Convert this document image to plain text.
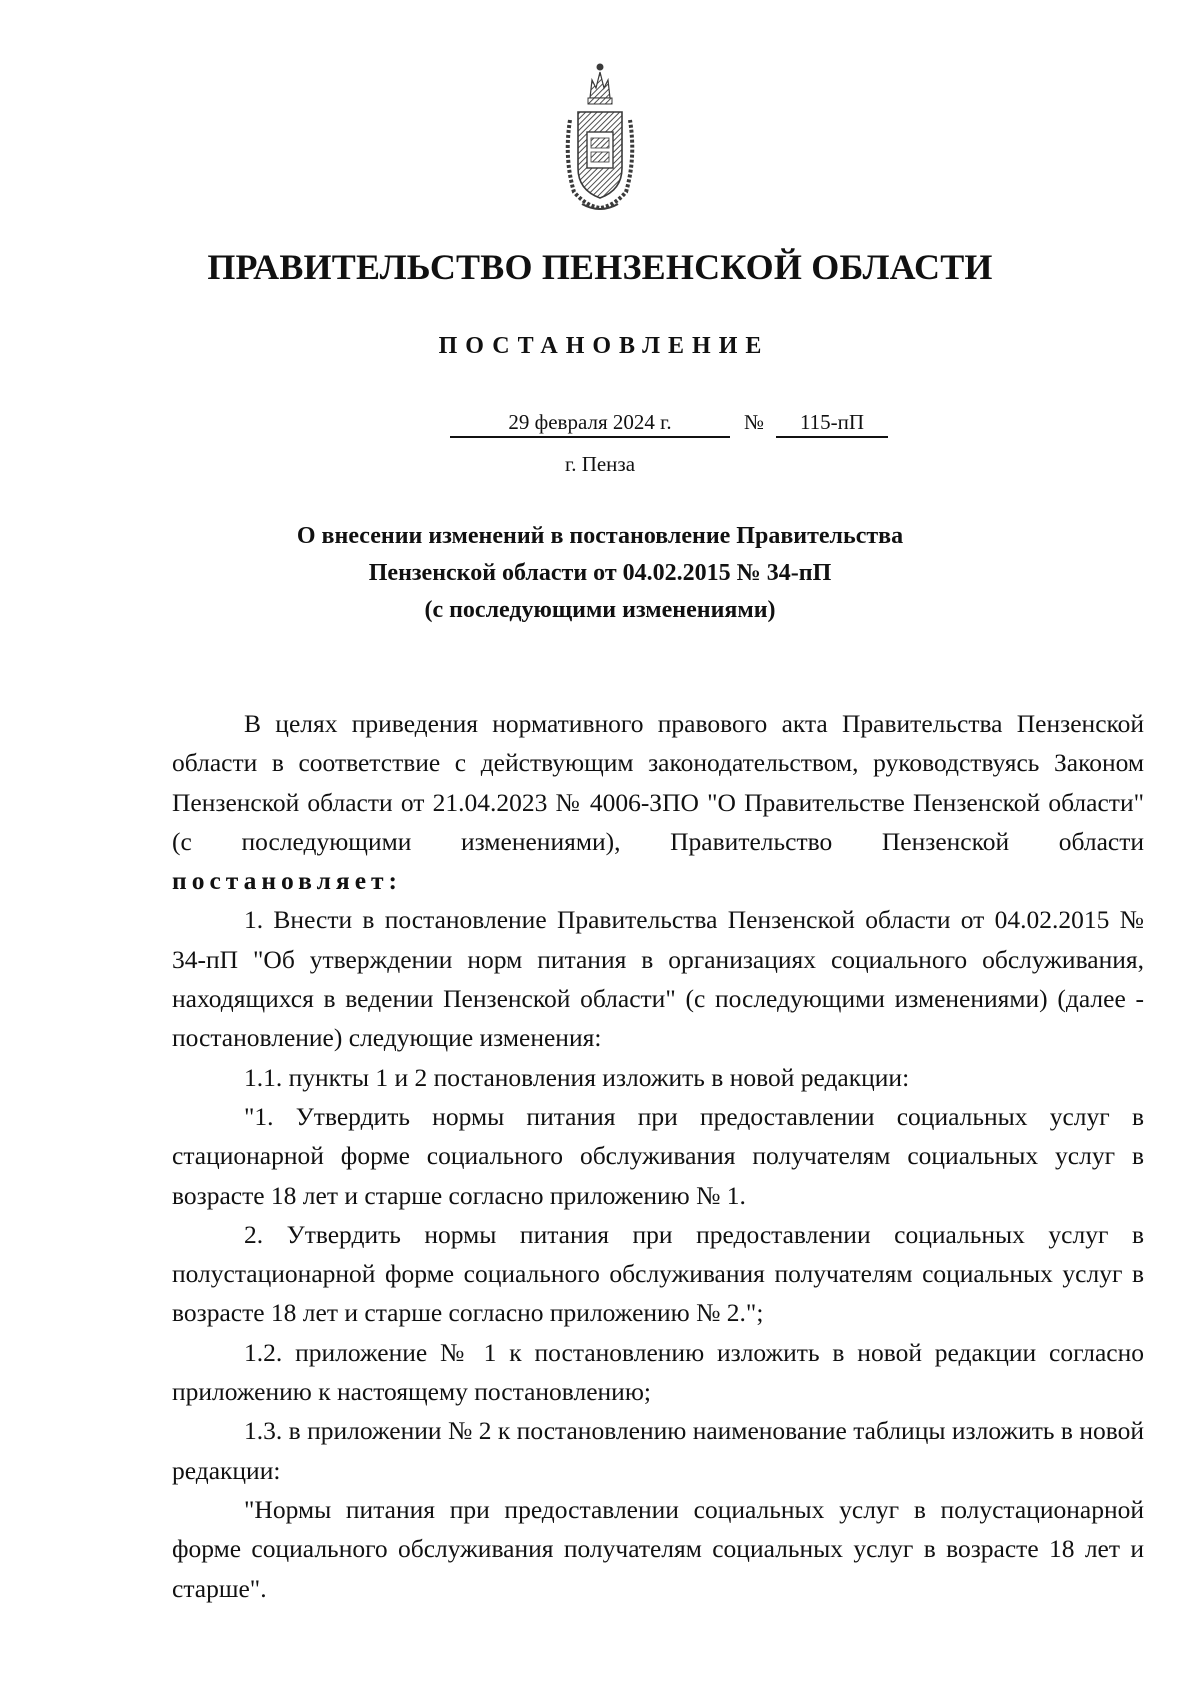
ПРАВИТЕЛЬСТВО ПЕНЗЕНСКОЙ ОБЛАСТИ
ПОСТАНОВЛЕНИЕ
29 февраля 2024 г.	№	115-пП
г. Пенза
О внесении изменений в постановление Правительства
Пензенской области от 04.02.2015 № 34-пП
(с последующими изменениями)

В целях приведения нормативного правового акта Правительства Пензенской области в соответствие с действующим законодательством, руководствуясь Законом Пензенской области от 21.04.2023 № 4006-ЗПО "О Правительстве Пензенской области" (с последующими изменениями), Правительство Пензенской области постановляет:

1. Внести в постановление Правительства Пензенской области от 04.02.2015 № 34-пП "Об утверждении норм питания в организациях социального обслуживания, находящихся в ведении Пензенской области" (с последующими изменениями) (далее - постановление) следующие изменения:

1.1. пункты 1 и 2 постановления изложить в новой редакции:

"1. Утвердить нормы питания при предоставлении социальных услуг в стационарной форме социального обслуживания получателям социальных услуг в возрасте 18 лет и старше согласно приложению № 1.

2. Утвердить нормы питания при предоставлении социальных услуг в полустационарной форме социального обслуживания получателям социальных услуг в возрасте 18 лет и старше согласно приложению № 2.";

1.2. приложение № 1 к постановлению изложить в новой редакции согласно приложению к настоящему постановлению;

1.3. в приложении № 2 к постановлению наименование таблицы изложить в новой редакции:

"Нормы питания при предоставлении социальных услуг в полустационарной форме социального обслуживания получателям социальных услуг в возрасте 18 лет и старше".
